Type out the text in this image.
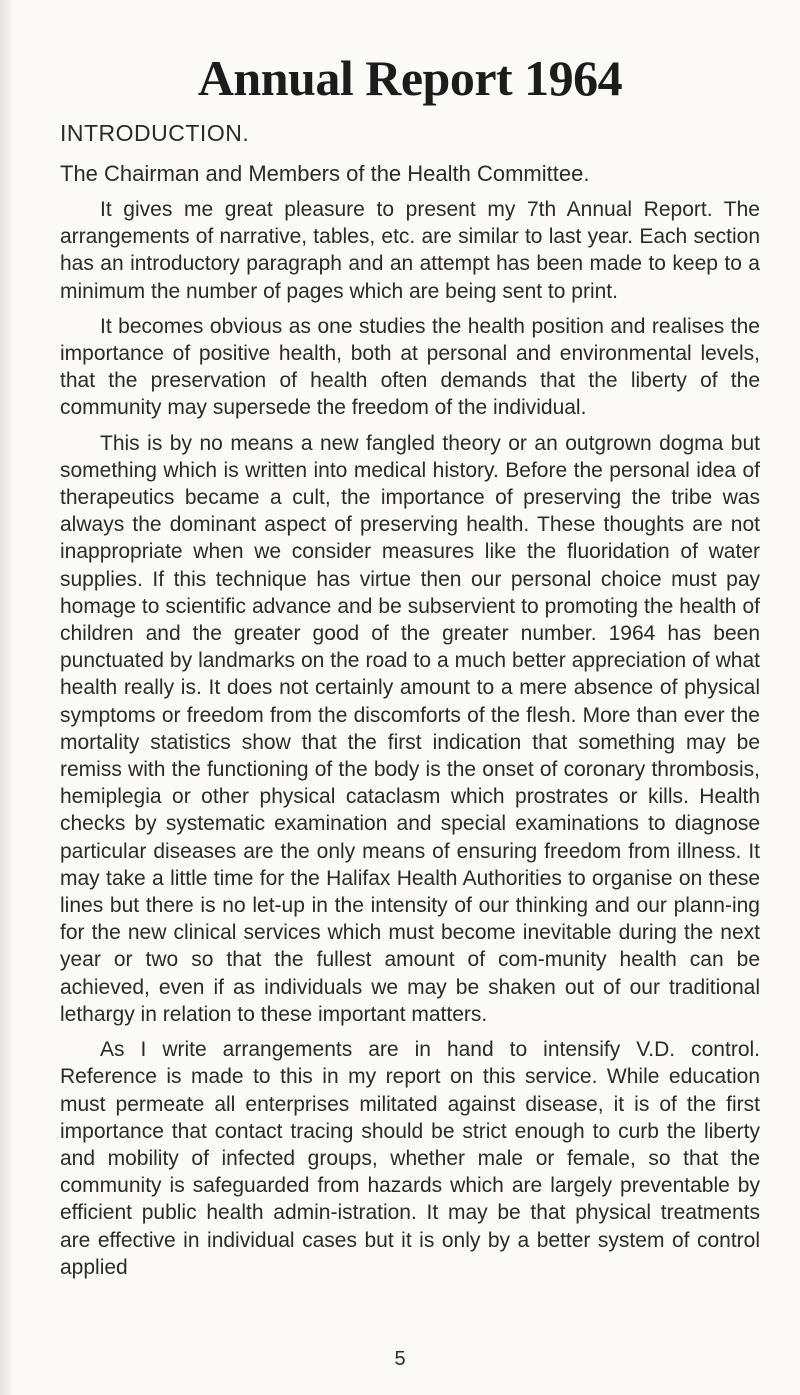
Annual Report 1964
INTRODUCTION.
The Chairman and Members of the Health Committee.

It gives me great pleasure to present my 7th Annual Report. The arrangements of narrative, tables, etc. are similar to last year. Each section has an introductory paragraph and an attempt has been made to keep to a minimum the number of pages which are being sent to print.

It becomes obvious as one studies the health position and realises the importance of positive health, both at personal and environmental levels, that the preservation of health often demands that the liberty of the community may supersede the freedom of the individual.

This is by no means a new fangled theory or an outgrown dogma but something which is written into medical history. Before the personal idea of therapeutics became a cult, the importance of preserving the tribe was always the dominant aspect of preserving health. These thoughts are not inappropriate when we consider measures like the fluoridation of water supplies. If this technique has virtue then our personal choice must pay homage to scientific advance and be subservient to promoting the health of children and the greater good of the greater number. 1964 has been punctuated by landmarks on the road to a much better appreciation of what health really is. It does not certainly amount to a mere absence of physical symptoms or freedom from the discomforts of the flesh. More than ever the mortality statistics show that the first indication that something may be remiss with the functioning of the body is the onset of coronary thrombosis, hemiplegia or other physical cataclasm which prostrates or kills. Health checks by systematic examination and special examinations to diagnose particular diseases are the only means of ensuring freedom from illness. It may take a little time for the Halifax Health Authorities to organise on these lines but there is no let-up in the intensity of our thinking and our plann-ing for the new clinical services which must become inevitable during the next year or two so that the fullest amount of com-munity health can be achieved, even if as individuals we may be shaken out of our traditional lethargy in relation to these important matters.

As I write arrangements are in hand to intensify V.D. control. Reference is made to this in my report on this service. While education must permeate all enterprises militated against disease, it is of the first importance that contact tracing should be strict enough to curb the liberty and mobility of infected groups, whether male or female, so that the community is safeguarded from hazards which are largely preventable by efficient public health admin-istration. It may be that physical treatments are effective in individual cases but it is only by a better system of control applied

5
